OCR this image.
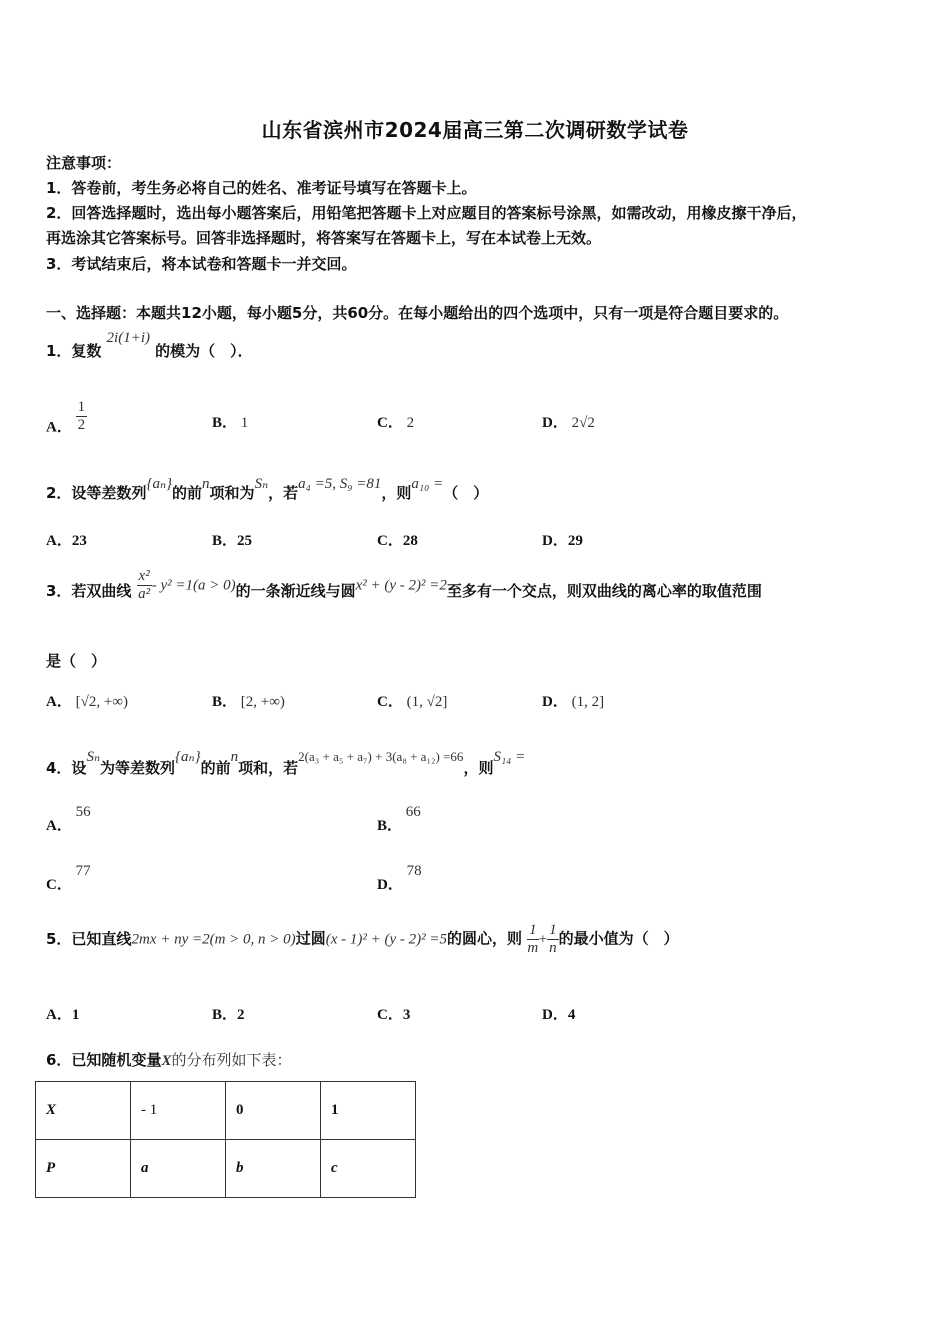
山东省滨州市2024届高三第二次调研数学试卷
注意事项：
1．答卷前，考生务必将自己的姓名、准考证号填写在答题卡上。
2．回答选择题时，选出每小题答案后，用铅笔把答题卡上对应题目的答案标号涂黑，如需改动，用橡皮擦干净后，
再选涂其它答案标号。回答非选择题时，将答案写在答题卡上，写在本试卷上无效。
3．考试结束后，将本试卷和答题卡一并交回。
一、选择题：本题共12小题，每小题5分，共60分。在每小题给出的四个选项中，只有一项是符合题目要求的。
1．复数 2i(1+i) 的模为（　）．
A． $\frac{1}{2}$	B． 1	C． 2	D． 2√2
2．设等差数列{aₙ}的前n项和为Sₙ，若a₄ =5, S₉ =81，则a₁₀ =（　）
A．23	B．25	C．28	D．29
3．若双曲线 $\frac{\text{x²}}{\text{a²}} - y^2 =1(a > 0)$的一条渐近线与圆x² + (y - 2)² =2至多有一个交点，则双曲线的离心率的取值范围
是（　）
A． [√2, +∞)	B． [2, +∞)	C． (1, √2]	D． (1, 2]
4．设Sₙ为等差数列{aₙ}的前n项和，若2(a₃ + a₅ + a₇) + 3(a₈ + a₁₂) =66，则S₁₄ =
A． 56
B． 66
C． 77
D． 78
5．已知直线2mx + ny =2(m > 0, n > 0)过圆(x - 1)² + (y - 2)² =5的圆心，则 $\frac{1}{m} + \frac{1}{n}$ 的最小值为（　）
A．1	B．2	C．3	D．4
6．已知随机变量X的分布列如下表：
X	- 1	0	1
P	a	b	c
